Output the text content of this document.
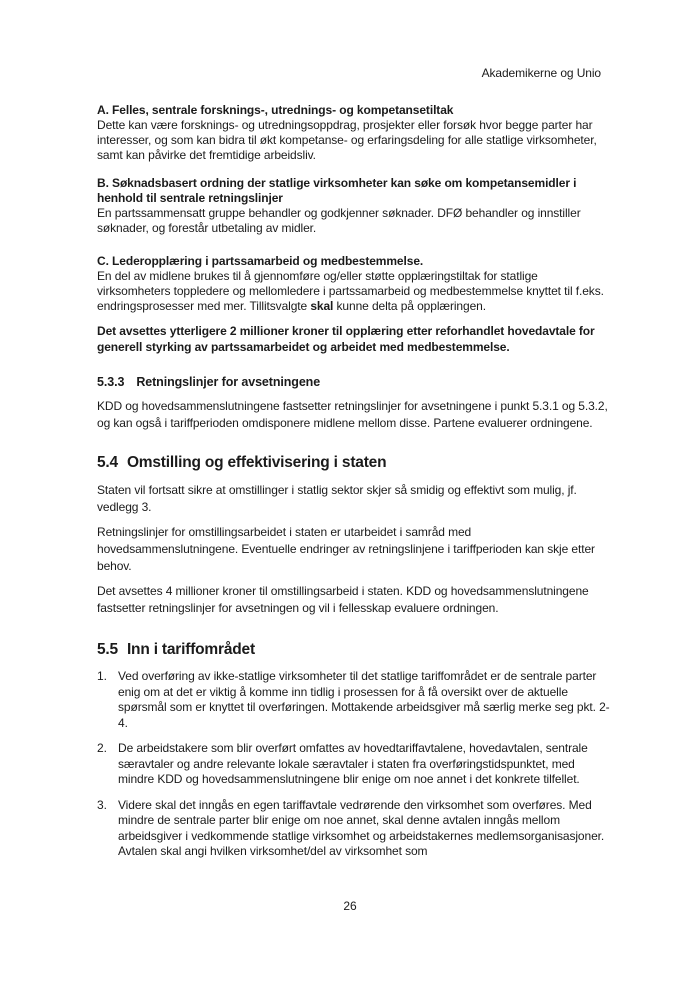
Akademikerne og Unio

A. Felles, sentrale forsknings-, utrednings- og kompetansetiltak

Dette kan være forsknings- og utredningsoppdrag, prosjekter eller forsøk hvor begge parter har interesser, og som kan bidra til økt kompetanse- og erfaringsdeling for alle statlige virksomheter, samt kan påvirke det fremtidige arbeidsliv.

B. Søknadsbasert ordning der statlige virksomheter kan søke om kompetansemidler i henhold til sentrale retningslinjer

En partssammensatt gruppe behandler og godkjenner søknader. DFØ behandler og innstiller søknader, og forestår utbetaling av midler.

C. Lederopplæring i partssamarbeid og medbestemmelse.

En del av midlene brukes til å gjennomføre og/eller støtte opplæringstiltak for statlige virksomheters toppledere og mellomledere i partssamarbeid og medbestemmelse knyttet til f.eks. endringsprosesser med mer. Tillitsvalgte skal kunne delta på opplæringen.

Det avsettes ytterligere 2 millioner kroner til opplæring etter reforhandlet hovedavtale for generell styrking av partssamarbeidet og arbeidet med medbestemmelse.

5.3.3 Retningslinjer for avsetningene

KDD og hovedsammenslutningene fastsetter retningslinjer for avsetningene i punkt 5.3.1 og 5.3.2, og kan også i tariffperioden omdisponere midlene mellom disse. Partene evaluerer ordningene.

5.4 Omstilling og effektivisering i staten

Staten vil fortsatt sikre at omstillinger i statlig sektor skjer så smidig og effektivt som mulig, jf. vedlegg 3.

Retningslinjer for omstillingsarbeidet i staten er utarbeidet i samråd med hovedsammenslutningene. Eventuelle endringer av retningslinjene i tariffperioden kan skje etter behov.

Det avsettes 4 millioner kroner til omstillingsarbeid i staten. KDD og hovedsammenslutningene fastsetter retningslinjer for avsetningen og vil i fellesskap evaluere ordningen.

5.5 Inn i tariffområdet

1. Ved overføring av ikke-statlige virksomheter til det statlige tariffområdet er de sentrale parter enig om at det er viktig å komme inn tidlig i prosessen for å få oversikt over de aktuelle spørsmål som er knyttet til overføringen. Mottakende arbeidsgiver må særlig merke seg pkt. 2-4.
2. De arbeidstakere som blir overført omfattes av hovedtariffavtalene, hovedavtalen, sentrale særavtaler og andre relevante lokale særavtaler i staten fra overføringstidspunktet, med mindre KDD og hovedsammenslutningene blir enige om noe annet i det konkrete tilfellet.
3. Videre skal det inngås en egen tariffavtale vedrørende den virksomhet som overføres. Med mindre de sentrale parter blir enige om noe annet, skal denne avtalen inngås mellom arbeidsgiver i vedkommende statlige virksomhet og arbeidstakernes medlemsorganisasjoner. Avtalen skal angi hvilken virksomhet/del av virksomhet som
26
